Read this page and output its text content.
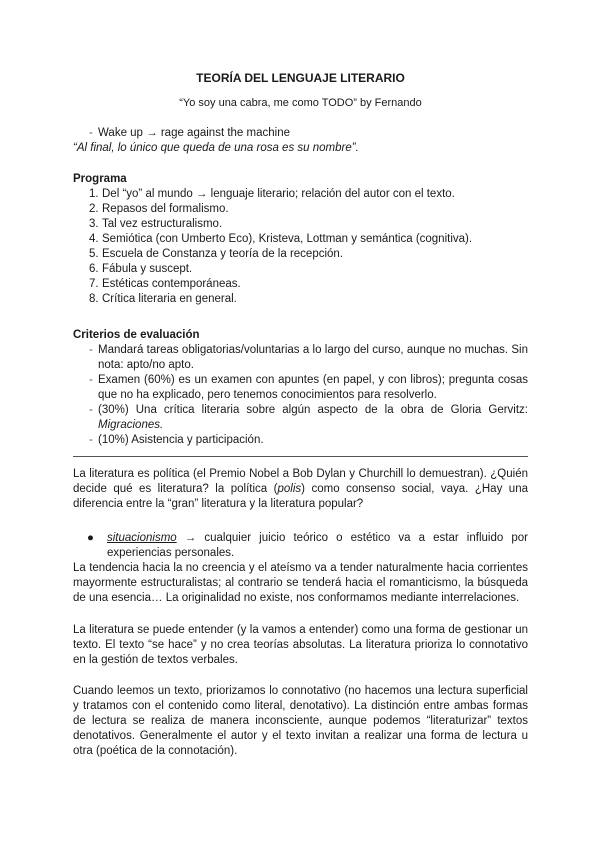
TEORÍA DEL LENGUAJE LITERARIO
“Yo soy una cabra, me como TODO” by Fernando
- Wake up → rage against the machine
“Al final, lo único que queda de una rosa es su nombre”.
Programa
1. Del “yo” al mundo → lenguaje literario; relación del autor con el texto.
2. Repasos del formalismo.
3. Tal vez estructuralismo.
4. Semiótica (con Umberto Eco), Kristeva, Lottman y semántica (cognitiva).
5. Escuela de Constanza y teoría de la recepción.
6. Fábula y suscept.
7. Estéticas contemporáneas.
8. Crítica literaria en general.
Criterios de evaluación
- Mandará tareas obligatorias/voluntarias a lo largo del curso, aunque no muchas. Sin nota: apto/no apto.
- Examen (60%) es un examen con apuntes (en papel, y con libros); pregunta cosas que no ha explicado, pero tenemos conocimientos para resolverlo.
- (30%) Una crítica literaria sobre algún aspecto de la obra de Gloria Gervitz: Migraciones.
- (10%) Asistencia y participación.
La literatura es política (el Premio Nobel a Bob Dylan y Churchill lo demuestran). ¿Quién decide qué es literatura? la política (polis) como consenso social, vaya. ¿Hay una diferencia entre la “gran” literatura y la literatura popular?
● situacionismo → cualquier juicio teórico o estético va a estar influido por experiencias personales.
La tendencia hacia la no creencia y el ateísmo va a tender naturalmente hacia corrientes mayormente estructuralistas; al contrario se tenderá hacia el romanticismo, la búsqueda de una esencia… La originalidad no existe, nos conformamos mediante interrelaciones.
La literatura se puede entender (y la vamos a entender) como una forma de gestionar un texto. El texto “se hace” y no crea teorías absolutas. La literatura prioriza lo connotativo en la gestión de textos verbales.
Cuando leemos un texto, priorizamos lo connotativo (no hacemos una lectura superficial y tratamos con el contenido como literal, denotativo). La distinción entre ambas formas de lectura se realiza de manera inconsciente, aunque podemos “literaturizar” textos denotativos. Generalmente el autor y el texto invitan a realizar una forma de lectura u otra (poética de la connotación).
